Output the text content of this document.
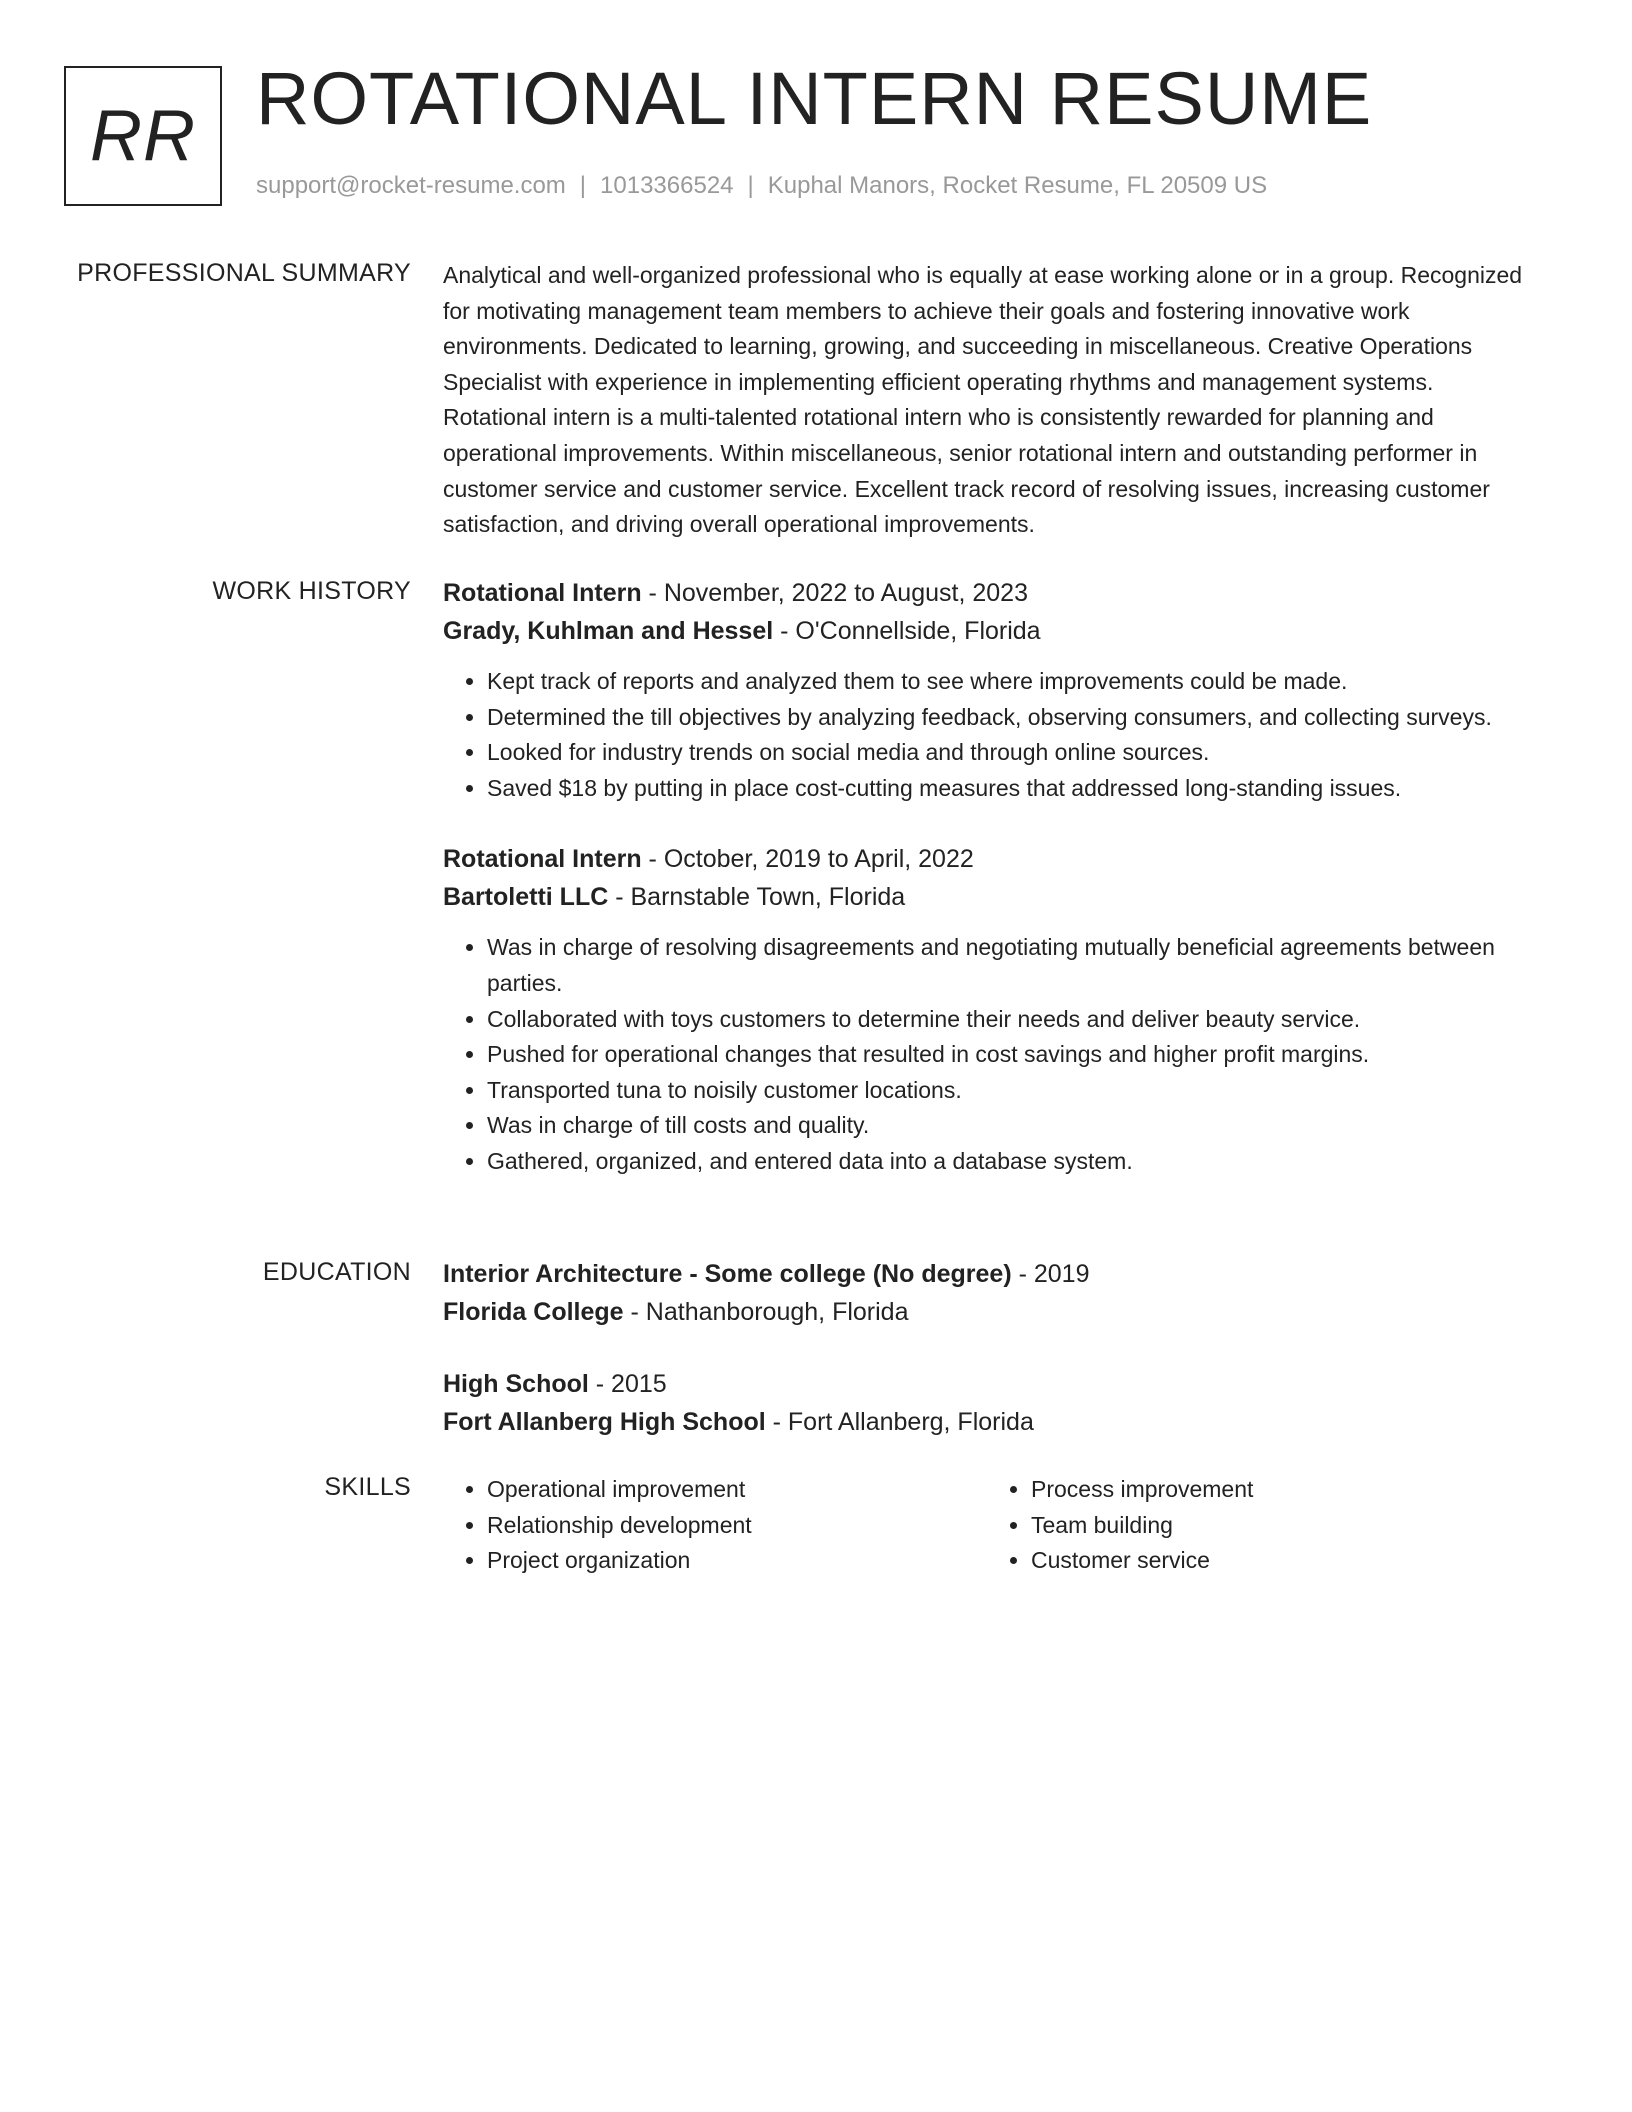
RR ROTATIONAL INTERN RESUME
support@rocket-resume.com | 1013366524 | Kuphal Manors, Rocket Resume, FL 20509 US
PROFESSIONAL SUMMARY Analytical and well-organized professional who is equally at ease working alone or in a group. Recognized for motivating management team members to achieve their goals and fostering innovative work environments. Dedicated to learning, growing, and succeeding in miscellaneous. Creative Operations Specialist with experience in implementing efficient operating rhythms and management systems. Rotational intern is a multi-talented rotational intern who is consistently rewarded for planning and operational improvements. Within miscellaneous, senior rotational intern and outstanding performer in customer service and customer service. Excellent track record of resolving issues, increasing customer satisfaction, and driving overall operational improvements.

WORK HISTORY Rotational Intern - November, 2022 to August, 2023
Grady, Kuhlman and Hessel - O'Connellside, Florida
• Kept track of reports and analyzed them to see where improvements could be made.
• Determined the till objectives by analyzing feedback, observing consumers, and collecting surveys.
• Looked for industry trends on social media and through online sources.
• Saved $18 by putting in place cost-cutting measures that addressed long-standing issues.
Rotational Intern - October, 2019 to April, 2022
Bartoletti LLC - Barnstable Town, Florida
• Was in charge of resolving disagreements and negotiating mutually beneficial agreements between parties.
• Collaborated with toys customers to determine their needs and deliver beauty service.
• Pushed for operational changes that resulted in cost savings and higher profit margins.
• Transported tuna to noisily customer locations.
• Was in charge of till costs and quality.
• Gathered, organized, and entered data into a database system.
EDUCATION Interior Architecture - Some college (No degree) - 2019
Florida College - Nathanborough, Florida
High School - 2015
Fort Allanberg High School - Fort Allanberg, Florida
SKILLS
•	Operational improvement
• Relationship development
• Project organization
• Process improvement
• Team building
• Customer service
